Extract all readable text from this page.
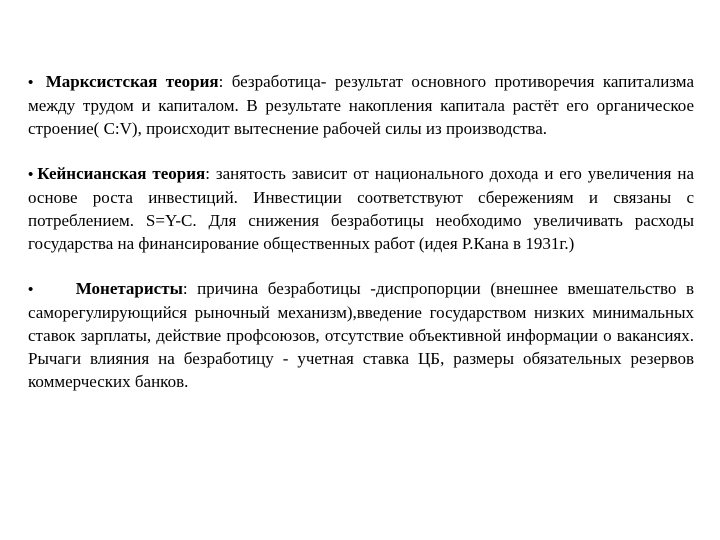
• Марксистская теория: безработица- результат основного противоречия капитализма между трудом и капиталом. В результате накопления капитала растёт его органическое строение( С:V), происходит вытеснение рабочей силы из производства.

• Кейнсианская теория: занятость зависит от национального дохода и его увеличения на основе роста инвестиций. Инвестиции соответствуют сбережениям и связаны с потреблением. S=Y-C. Для снижения безработицы необходимо увеличивать расходы государства на финансирование общественных работ (идея Р.Кана в 1931г.)

• Монетаристы: причина безработицы -диспропорции (внешнее вмешательство в саморегулирующийся рыночный механизм),введение государством низких минимальных ставок зарплаты, действие профсоюзов, отсутствие объективной информации о вакансиях. Рычаги влияния на безработицу - учетная ставка ЦБ, размеры обязательных резервов коммерческих банков.
